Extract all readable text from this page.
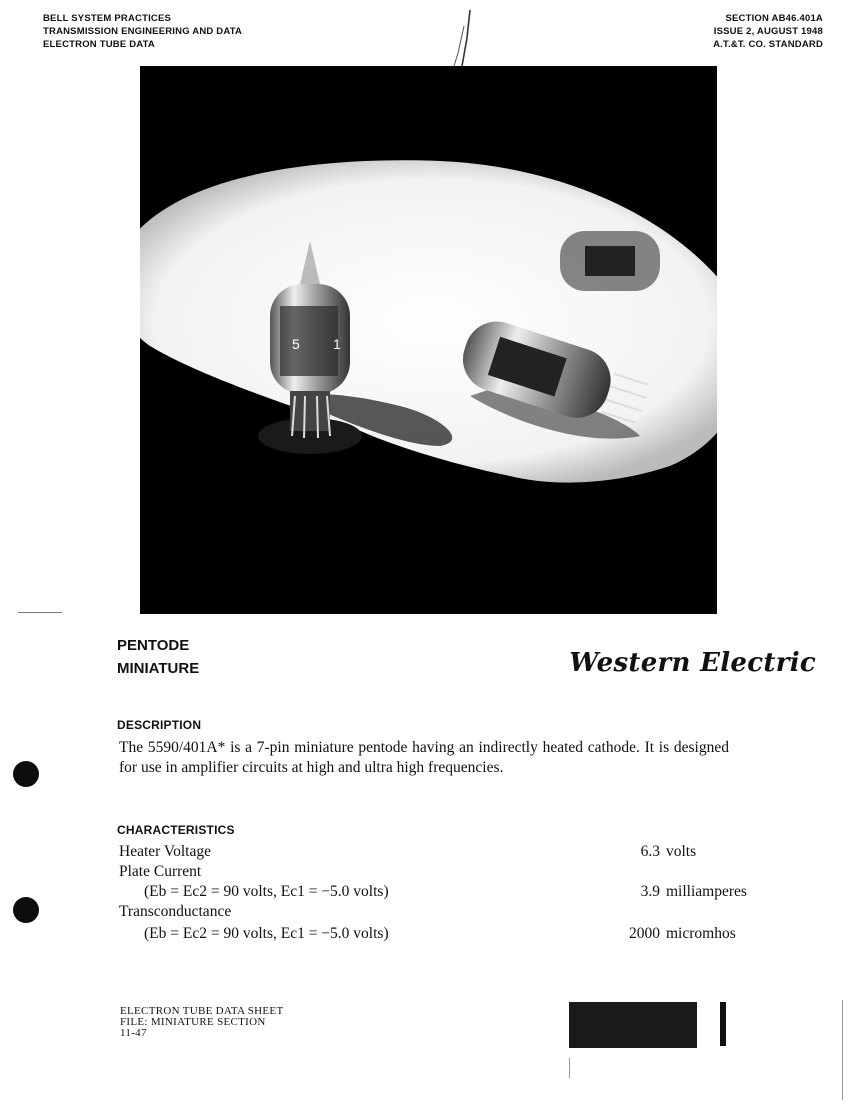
BELL SYSTEM PRACTICES
TRANSMISSION ENGINEERING AND DATA
ELECTRON TUBE DATA
SECTION AB46.401A
ISSUE 2, AUGUST 1948
A.T.&T. CO. STANDARD
5 1
PENTODE
MINIATURE	Western Electric
DESCRIPTION
The 5590/401A* is a 7-pin miniature pentode having an indirectly heated cathode. It is designed for use in amplifier circuits at high and ultra high frequencies.
CHARACTERISTICS
Heater Voltage	6.3 volts
Plate Current
(Eb = Ec2 = 90 volts, Ec1 = −5.0 volts)	3.9 milliamperes
Transconductance
(Eb = Ec2 = 90 volts, Ec1 = −5.0 volts)	2000 micromhos
ELECTRON TUBE DATA SHEET
FILE: MINIATURE SECTION
11-47
